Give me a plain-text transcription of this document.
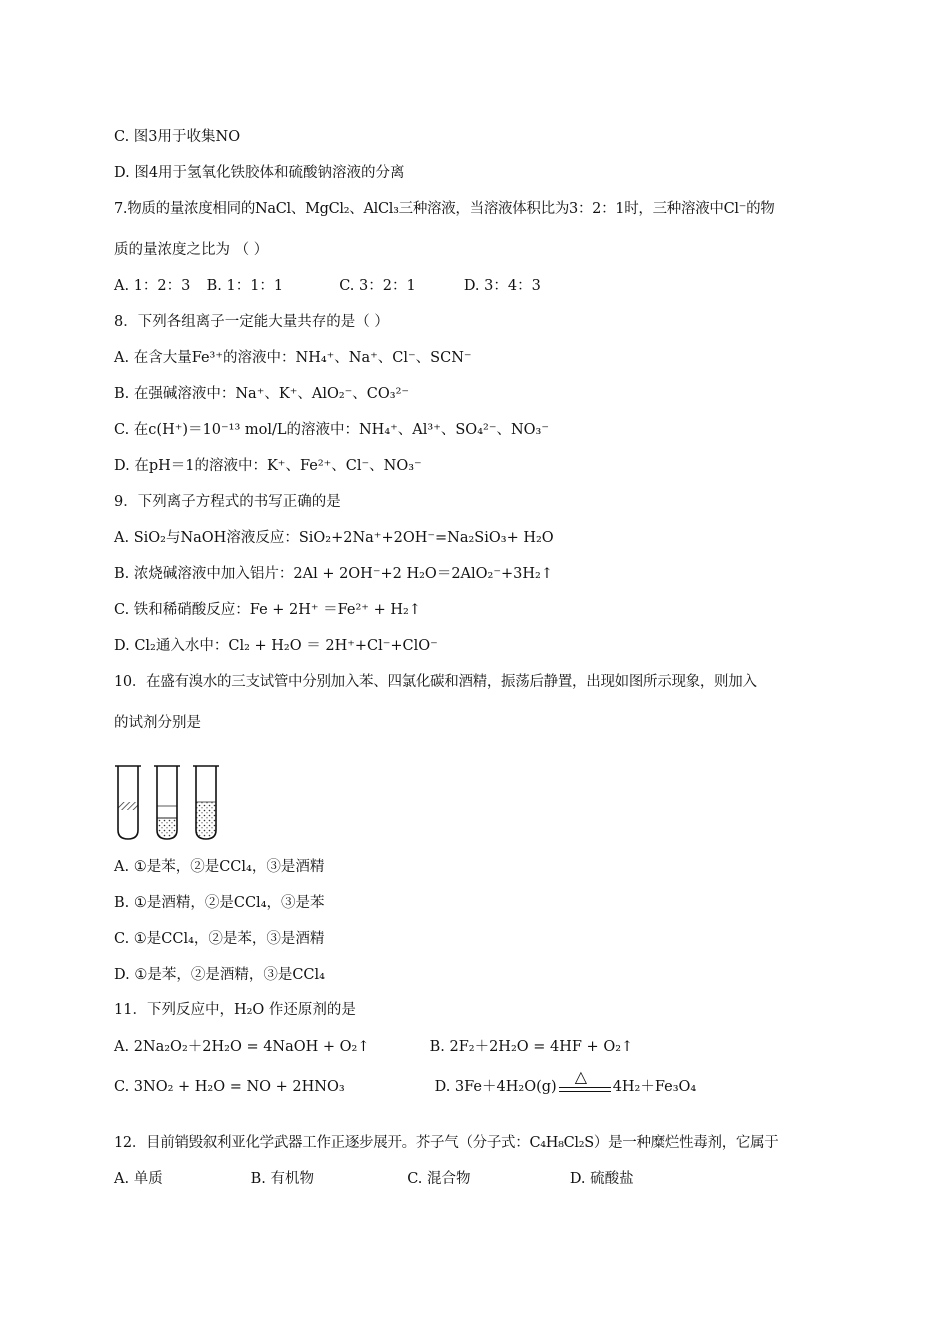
C. 图3用于收集NO
D. 图4用于氢氧化铁胶体和硫酸钠溶液的分离
7.物质的量浓度相同的NaCl、MgCl₂、AlCl₃三种溶液，当溶液体积比为3：2：1时，三种溶液中Cl⁻的物
质的量浓度之比为 （ ）
A. 1：2：3 B. 1：1：1	C. 3：2：1	D. 3：4：3
8．下列各组离子一定能大量共存的是（ ）
A. 在含大量Fe³⁺的溶液中：NH₄⁺、Na⁺、Cl⁻、SCN⁻
B. 在强碱溶液中：Na⁺、K⁺、AlO₂⁻、CO₃²⁻
C. 在c(H⁺)＝10⁻¹³ mol/L的溶液中：NH₄⁺、Al³⁺、SO₄²⁻、NO₃⁻
D. 在pH＝1的溶液中：K⁺、Fe²⁺、Cl⁻、NO₃⁻
9．下列离子方程式的书写正确的是
A. SiO₂与NaOH溶液反应：SiO₂+2Na⁺+2OH⁻=Na₂SiO₃+ H₂O
B. 浓烧碱溶液中加入铝片：2Al + 2OH⁻+2 H₂O＝2AlO₂⁻+3H₂↑
C. 铁和稀硝酸反应：Fe + 2H⁺ ＝Fe²⁺ + H₂↑
D. Cl₂通入水中：Cl₂ + H₂O ＝ 2H⁺+Cl⁻+ClO⁻
10．在盛有溴水的三支试管中分别加入苯、四氯化碳和酒精，振荡后静置，出现如图所示现象，则加入
的试剂分别是
A. ①是苯，②是CCl₄，③是酒精
B. ①是酒精，②是CCl₄，③是苯
C. ①是CCl₄，②是苯，③是酒精
D. ①是苯，②是酒精，③是CCl₄
11．下列反应中，H₂O 作还原剂的是
A. 2Na₂O₂＋2H₂O = 4NaOH + O₂↑	B. 2F₂＋2H₂O = 4HF + O₂↑
C. 3NO₂ + H₂O = NO + 2HNO₃	D. 3Fe＋4H₂O(g)
△
4H₂＋Fe₃O₄
12．目前销毁叙利亚化学武器工作正逐步展开。芥子气（分子式：C₄H₈Cl₂S）是一种糜烂性毒剂，它属于
A. 单质	B. 有机物	C. 混合物	D. 硫酸盐
